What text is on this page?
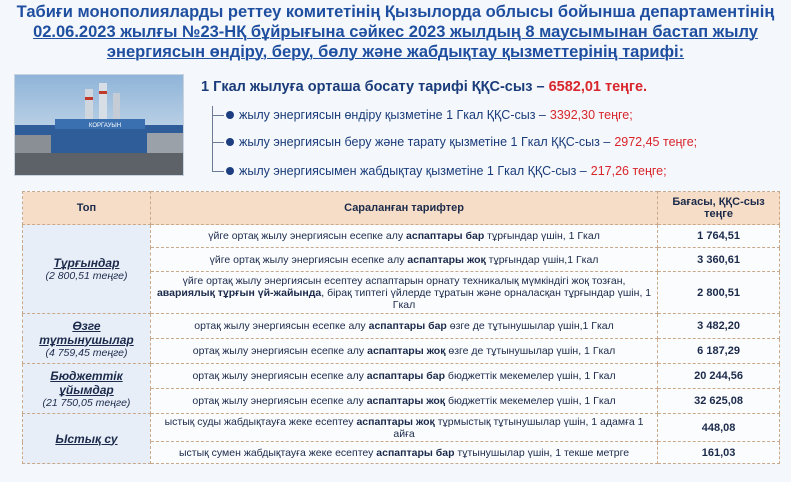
Табиғи монополияларды реттеу комитетінің Қызылорда облысы бойынша департаментінің
02.06.2023 жылғы №23-НҚ бұйрығына сәйкес 2023 жылдың 8 маусымынан бастап жылу
энергиясын өндіру, беру, бөлу және жабдықтау қызметтерінің тарифі:
КОРГАУЫН
1 Гкал жылуға орташа босату тарифі ҚҚС-сыз – 6582,01 теңге.
жылу энергиясын өндіру қызметіне 1 Гкал ҚҚС-сыз – 3392,30 теңге;
жылу энергиясын беру және тарату қызметіне 1 Гкал ҚҚС-сыз – 2972,45 теңге;
жылу энергиясымен жабдықтау қызметіне 1 Гкал ҚҚС-сыз – 217,26 теңге;
Топ	Сараланған тарифтер	Бағасы, ҚҚС-сыз теңге

Тұрғындар
(2 800,51 теңге)	үйге ортақ жылу энергиясын есепке алу аспаптары бар тұрғындар үшін, 1 Гкал	1 764,51
	үйге ортақ жылу энергиясын есепке алу аспаптары жоқ тұрғындар үшін,1 Гкал	3 360,61
	үйге ортақ жылу энергиясын есептеу аспаптарын орнату техникалық мүмкіндігі жоқ тозған, авариялық тұрғын үй-жайында, бірақ типтегі үйлерде тұратын және орналасқан тұрғындар үшін, 1 Гкал	2 800,51

Өзге тұтынушылар
(4 759,45 теңге)	ортақ жылу энергиясын есепке алу аспаптары бар өзге де тұтынушылар үшін,1 Гкал	3 482,20
	ортақ жылу энергиясын есепке алу аспаптары жоқ өзге де тұтынушылар үшін, 1 Гкал	6 187,29

Бюджеттік ұйымдар
(21 750,05 теңге)	ортақ жылу энергиясын есепке алу аспаптары бар бюджеттік мекемелер үшін, 1 Гкал	20 244,56
	ортақ жылу энергиясын есепке алу аспаптары жоқ бюджеттік мекемелер үшін, 1 Гкал	32 625,08

Ыстық су	ыстық суды жабдықтауға жеке есептеу аспаптары жоқ тұрмыстық тұтынушылар үшін, 1 адамға 1 айға	448,08
	ыстық сумен жабдықтауға жеке есептеу аспаптары бар тұтынушылар үшін, 1 текше метрге	161,03
